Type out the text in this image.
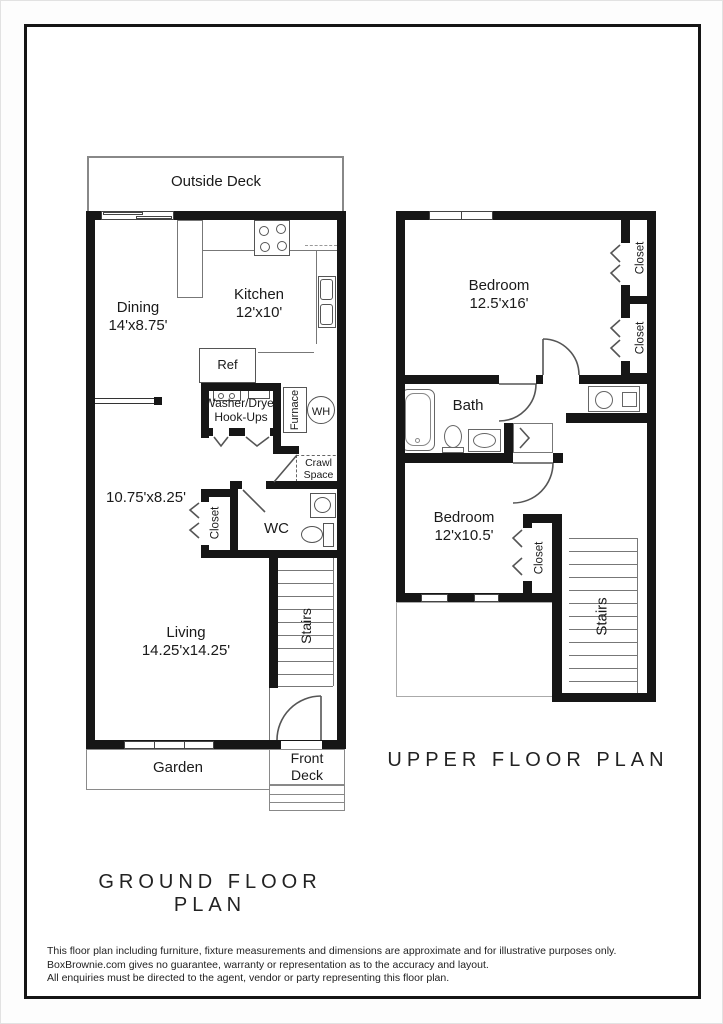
Outside Deck
Ref
Washer/Dryer
Hook-Ups	Furnace WH
Crawl Space
Closet	WC
Stairs
Garden
Front Deck
Dining
14'x8.75'
Kitchen
12'x10'
10.75'x8.25'
Living
14.25'x14.25'
Closet
Closet
Bath
Closet
Stairs
Bedroom
12.5'x16'
Bedroom
12'x10.5'
GROUND FLOOR PLAN
UPPER FLOOR PLAN
This floor plan including furniture, fixture measurements and dimensions are approximate and for illustrative purposes only.
BoxBrownie.com gives no guarantee, warranty or representation as to the accuracy and layout.
All enquiries must be directed to the agent, vendor or party representing this floor plan.
